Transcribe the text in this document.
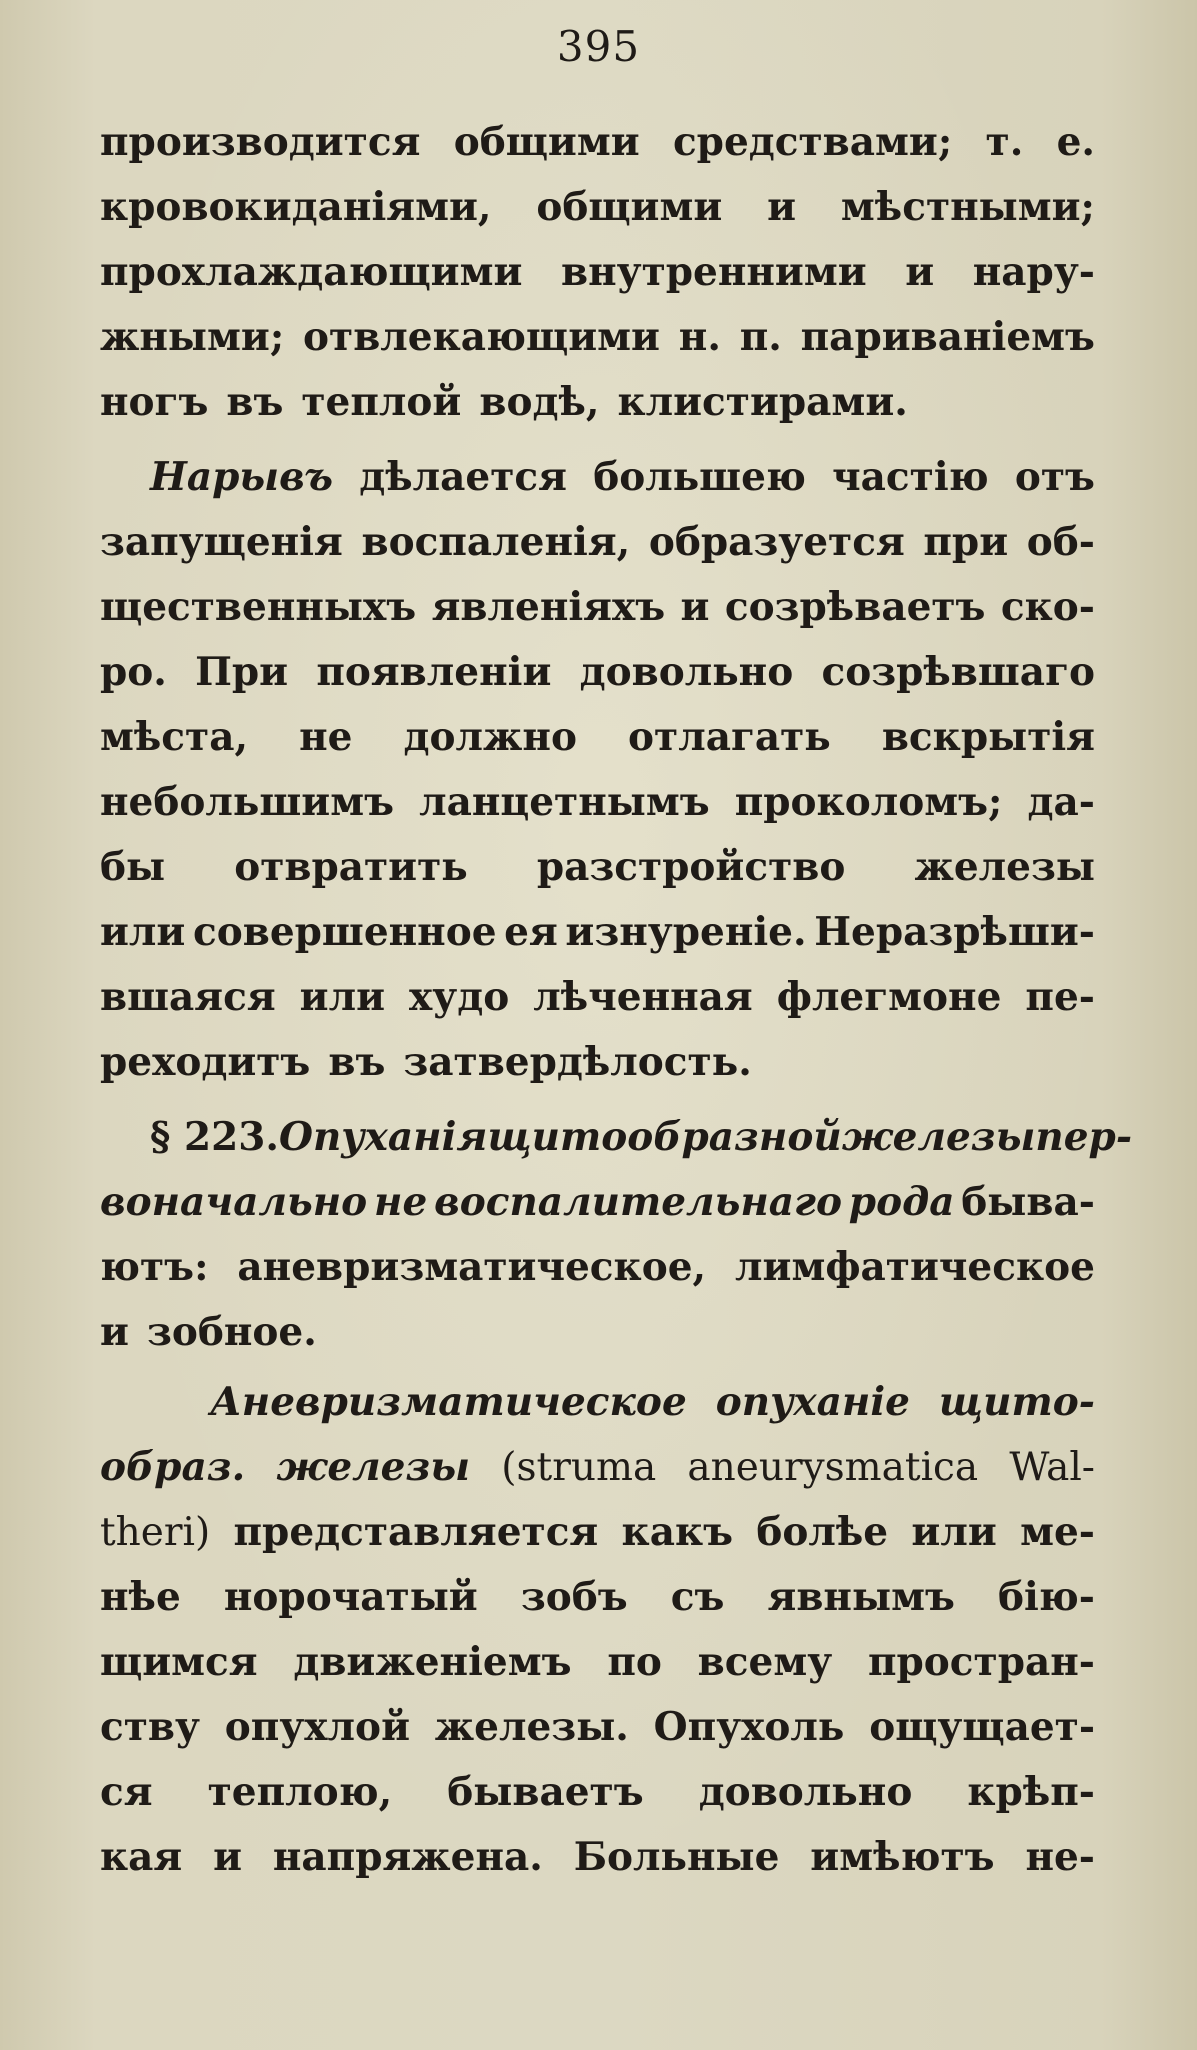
395
производится общими средствами; т. е.
кровокиданіями, общими и мѣстными;
прохлаждающими внутренними и нару-
жными; отвлекающими н. п. париваніемъ
ногъ въ теплой водѣ, клистирами.
Нарывъ дѣлается большею частію отъ
запущенія воспаленія, образуется при об-
щественныхъ явленіяхъ и созрѣваетъ ско-
ро. При появленіи довольно созрѣвшаго
мѣста, не должно отлагать вскрытія
небольшимъ ланцетнымъ проколомъ; да-
бы отвратить разстройство железы
или совершенное ея изнуреніе. Неразрѣши-
вшаяся или худо лѣченная флегмоне пе-
реходитъ въ затвердѣлость.
§ 223. Опуханія щитообразной железы пер-
воначально не воспалительнаго рода быва-
ютъ: аневризматическое, лимфатическое
и зобное.
Аневризматическое опуханіе щито-
образ. железы (struma aneurysmatica Wal-
theri) представляется какъ болѣе или ме-
нѣе норочатый зобъ съ явнымъ бію-
щимся движеніемъ по всему простран-
ству опухлой железы. Опухоль ощущает-
ся теплою, бываетъ довольно крѣп-
кая и напряжена. Больные имѣютъ не-
